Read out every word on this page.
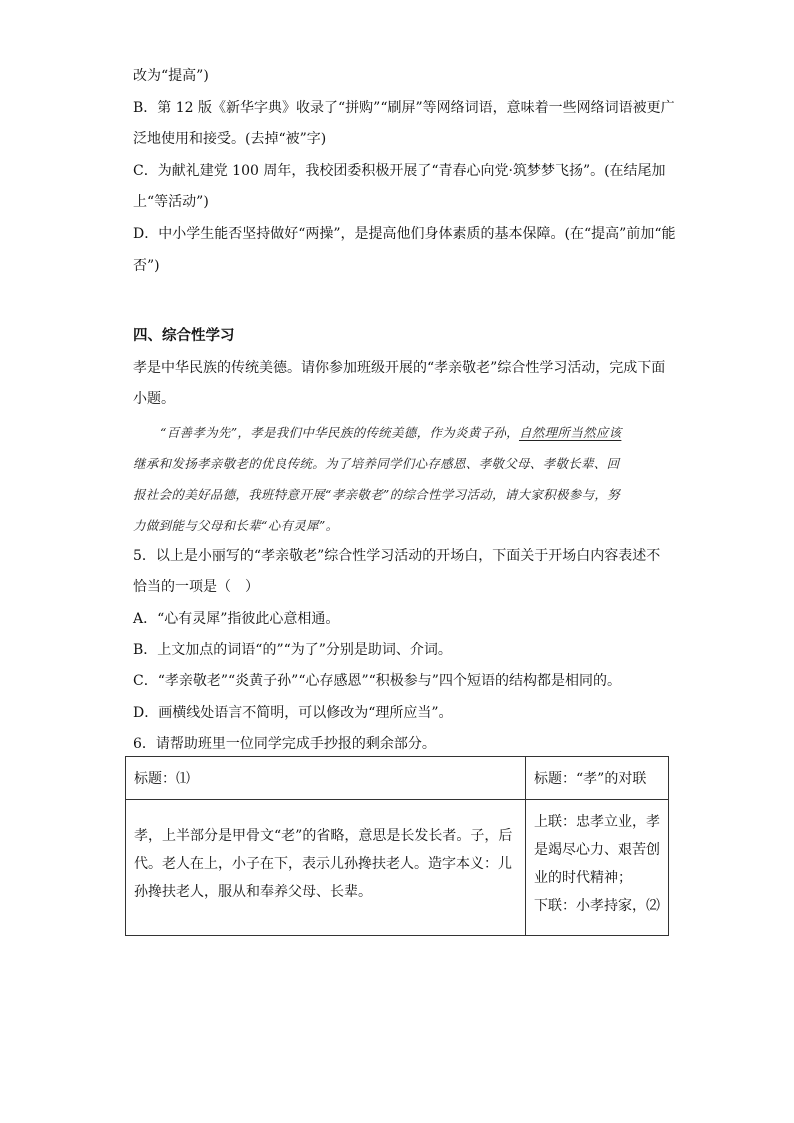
改为“提高”)
B．第 12 版《新华字典》收录了“拼购”“刷屏”等网络词语，意味着一些网络词语被更广
泛地使用和接受。(去掉“被”字)
C．为献礼建党 100 周年，我校团委积极开展了“青春心向党·筑梦梦飞扬”。(在结尾加
上“等活动”)
D．中小学生能否坚持做好“两操”，是提高他们身体素质的基本保障。(在“提高”前加“能
否”)
四、综合性学习
孝是中华民族的传统美德。请你参加班级开展的“孝亲敬老”综合性学习活动，完成下面
小题。
“百善孝为先”，孝是我们中华民族的传统美德，作为炎黄子孙，自然理所当然应该
继承和发扬孝亲敬老的优良传统。为了培养同学们心存感恩、孝敬父母、孝敬长辈、回
报社会的美好品德，我班特意开展“孝亲敬老”的综合性学习活动，请大家积极参与，努
力做到能与父母和长辈“心有灵犀”。
5．以上是小丽写的“孝亲敬老”综合性学习活动的开场白，下面关于开场白内容表述不
恰当的一项是（　）
A．“心有灵犀”指彼此心意相通。
B．上文加点的词语“的”“为了”分别是助词、介词。
C．“孝亲敬老”“炎黄子孙”“心存感恩”“积极参与”四个短语的结构都是相同的。
D．画横线处语言不简明，可以修改为“理所应当”。
6．请帮助班里一位同学完成手抄报的剩余部分。
标题：⑴	标题：“孝”的对联

孝，上半部分是甲骨文“老”的省略，意思是长发长者。子，后代。老人在上，小子在下，表示儿孙搀扶老人。造字本义：儿孙搀扶老人，服从和奉养父母、长辈。	上联：忠孝立业，孝
是竭尽心力、艰苦创
业的时代精神；
下联：小孝持家，⑵
